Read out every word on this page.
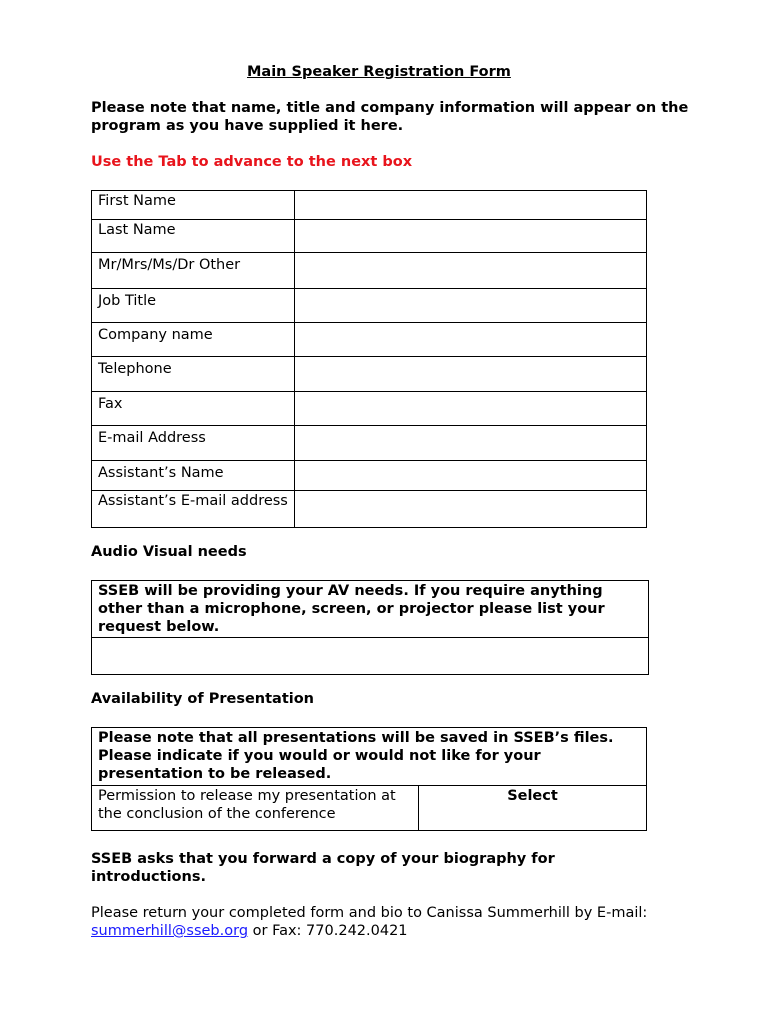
Main Speaker Registration Form
Please note that name, title and company information will appear on the program as you have supplied it here.
Use the Tab to advance to the next box
First Name	
Last Name	
Mr/Mrs/Ms/Dr Other	
Job Title	
Company name	
Telephone	
Fax	
E-mail Address	
Assistant’s Name	
Assistant’s E-mail address	
Audio Visual needs
SSEB will be providing your AV needs. If you require anything other than a microphone, screen, or projector please list your request below.

Availability of Presentation
Please note that all presentations will be saved in SSEB’s files. Please indicate if you would or would not like for your presentation to be released.
Permission to release my presentation at the conclusion of the conference	Select
SSEB asks that you forward a copy of your biography for introductions.
Please return your completed form and bio to Canissa Summerhill by E-mail: summerhill@sseb.org or Fax: 770.242.0421
